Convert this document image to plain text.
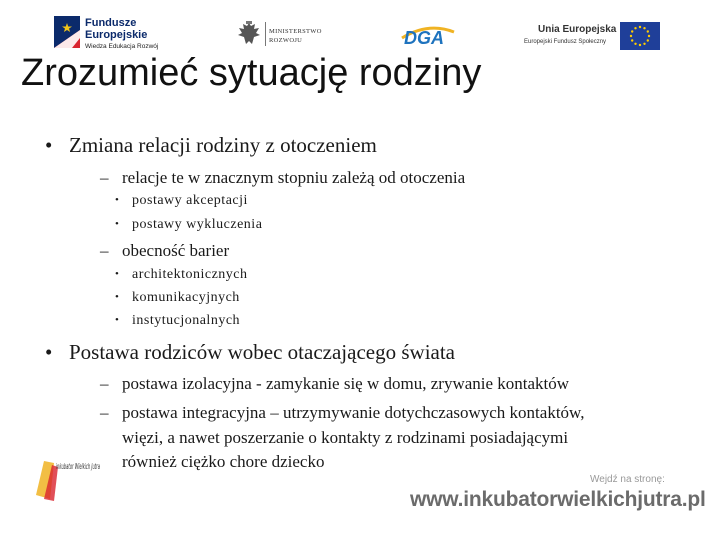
Fundusze
Europejskie
Wiedza Edukacja Rozwój
MINISTERSTWO
ROZWOJU	DGA	Unia Europejska
Europejski Fundusz Społeczny
Zrozumieć sytuację rodziny
• Zmiana relacji rodziny z otoczeniem
– relacje te w znacznym stopniu zależą od otoczenia
• postawy akceptacji
• postawy wykluczenia
– obecność barier
• architektonicznych
• komunikacyjnych
• instytucjonalnych
• Postawa rodziców wobec otaczającego świata
– postawa izolacyjna - zamykanie się w domu, zrywanie kontaktów
– postawa integracyjna – utrzymywanie dotychczasowych kontaktów,
więzi, a nawet poszerzanie o kontakty z rodzinami posiadającymi
również ciężko chore dziecko
inkubator Wielkich Jutra
Wejdź na stronę:
www.inkubatorwielkichjutra.pl
